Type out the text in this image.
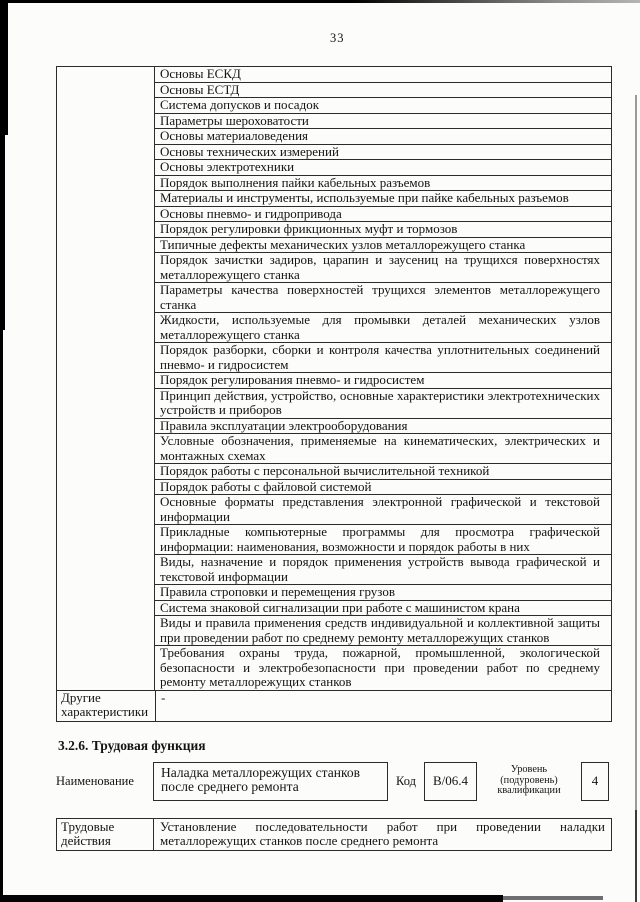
33
Основы ЕСКД
Основы ЕСТД
Система допусков и посадок
Параметры шероховатости
Основы материаловедения
Основы технических измерений
Основы электротехники
Порядок выполнения пайки кабельных разъемов
Материалы и инструменты, используемые при пайке кабельных разъемов
Основы пневмо- и гидропривода
Порядок регулировки фрикционных муфт и тормозов
Типичные дефекты механических узлов металлорежущего станка
Порядок зачистки задиров, царапин и заусениц на трущихся поверхностях металлорежущего станка
Параметры качества поверхностей трущихся элементов металлорежущего станка
Жидкости, используемые для промывки деталей механических узлов металлорежущего станка
Порядок разборки, сборки и контроля качества уплотнительных соединений пневмо- и гидросистем
Порядок регулирования пневмо- и гидросистем
Принцип действия, устройство, основные характеристики электротехнических устройств и приборов
Правила эксплуатации электрооборудования
Условные обозначения, применяемые на кинематических, электрических и монтажных схемах
Порядок работы с персональной вычислительной техникой
Порядок работы с файловой системой
Основные форматы представления электронной графической и текстовой информации
Прикладные компьютерные программы для просмотра графической информации: наименования, возможности и порядок работы в них
Виды, назначение и порядок применения устройств вывода графической и текстовой информации
Правила строповки и перемещения грузов
Система знаковой сигнализации при работе с машинистом крана
Виды и правила применения средств индивидуальной и коллективной защиты при проведении работ по среднему ремонту металлорежущих станков
Требования охраны труда, пожарной, промышленной, экологической безопасности и электробезопасности при проведении работ по среднему ремонту металлорежущих станков
Другие характеристики
-
3.2.6. Трудовая функция
Наименование
Наладка металлорежущих станков после среднего ремонта	Код	В/06.4
Уровень (подуровень) квалификации
4
Трудовые действия
Установление последовательности работ при проведении наладки металлорежущих станков после среднего ремонта
